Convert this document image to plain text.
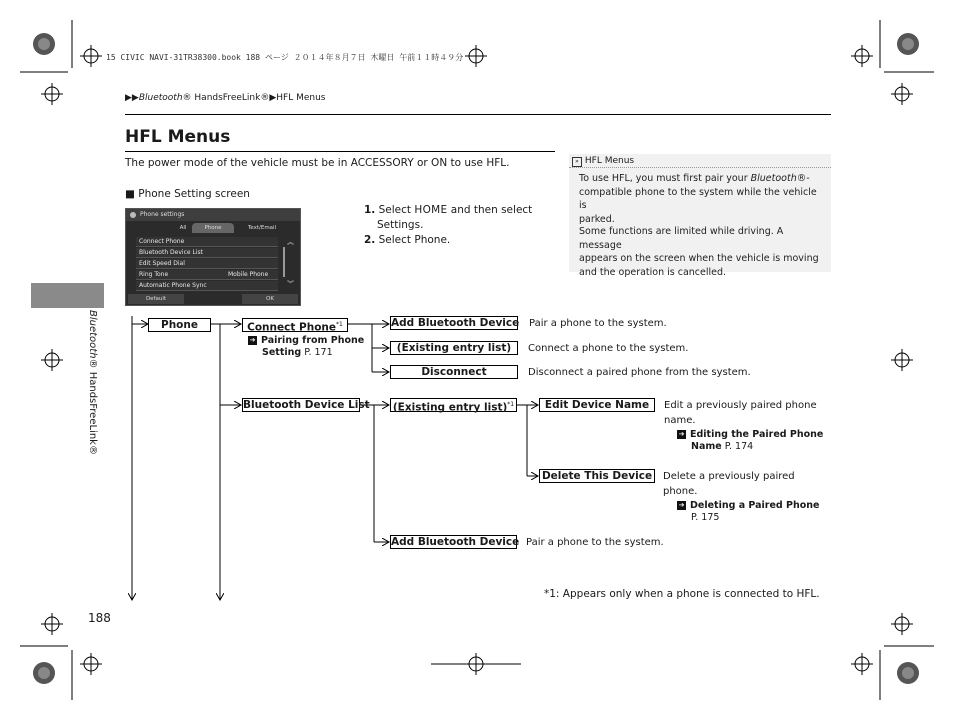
15 CIVIC NAVI-31TR38300.book 188 ページ ２０１４年８月７日 木曜日 午前１１時４９分
▶▶Bluetooth® HandsFreeLink®▶HFL Menus
HFL Menus
The power mode of the vehicle must be in ACCESSORY or ON to use HFL.
■ Phone Setting screen
Phone settings
All	Phone	Text/Email
Connect Phone
Bluetooth Device List
Edit Speed Dial
Ring Tone	Mobile Phone
Automatic Phone Sync
︽
︾
Default	OK
1. Select HOME and then select
Settings.
2. Select Phone.
» HFL Menus
To use HFL, you must first pair your Bluetooth®-
compatible phone to the system while the vehicle is
parked.
Some functions are limited while driving. A message
appears on the screen when the vehicle is moving
and the operation is cancelled.
Bluetooth® HandsFreeLink®
Phone	Connect Phone$^{*1}$
➔ Pairing from Phone
Setting P. 171
Add Bluetooth Device Pair a phone to the system.
(Existing entry list)	Connect a phone to the system.
Disconnect	Disconnect a paired phone from the system.
Bluetooth Device List (Existing entry list)$^{*1}$	Edit Device Name	Edit a previously paired phone
name.
➔ Editing the Paired Phone
Name P. 174
Delete This Device Delete a previously paired
phone.
➔ Deleting a Paired Phone
P. 175
Add Bluetooth Device Pair a phone to the system.
*1: Appears only when a phone is connected to HFL.
188
